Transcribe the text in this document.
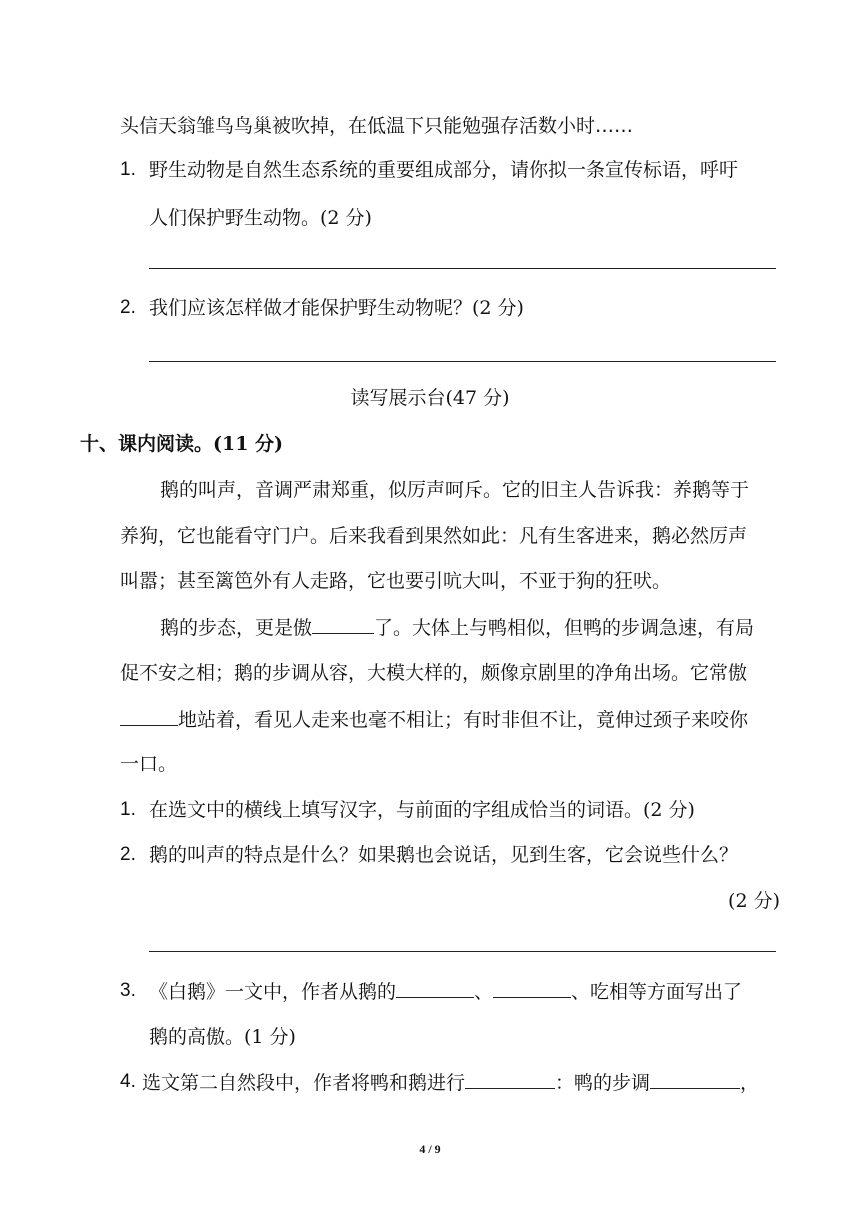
头信天翁雏鸟鸟巢被吹掉，在低温下只能勉强存活数小时……
1. 野生动物是自然生态系统的重要组成部分，请你拟一条宣传标语，呼吁
人们保护野生动物。(2 分)
2. 我们应该怎样做才能保护野生动物呢？(2 分)
读写展示台(47 分)
十、课内阅读。(11 分)
鹅的叫声，音调严肃郑重，似厉声呵斥。它的旧主人告诉我：养鹅等于
养狗，它也能看守门户。后来我看到果然如此：凡有生客进来，鹅必然厉声
叫嚣；甚至篱笆外有人走路，它也要引吭大叫，不亚于狗的狂吠。
鹅的步态，更是傲	了。大体上与鸭相似，但鸭的步调急速，有局
促不安之相；鹅的步调从容，大模大样的，颇像京剧里的净角出场。它常傲
地站着，看见人走来也毫不相让；有时非但不让，竟伸过颈子来咬你
一口。
1. 在选文中的横线上填写汉字，与前面的字组成恰当的词语。(2 分)
2. 鹅的叫声的特点是什么？如果鹅也会说话，见到生客，它会说些什么？
(2 分)
3. 《白鹅》一文中，作者从鹅的	、	、吃相等方面写出了
鹅的高傲。(1 分)
4. 选文第二自然段中，作者将鸭和鹅进行	：鸭的步调	，
4 / 9
